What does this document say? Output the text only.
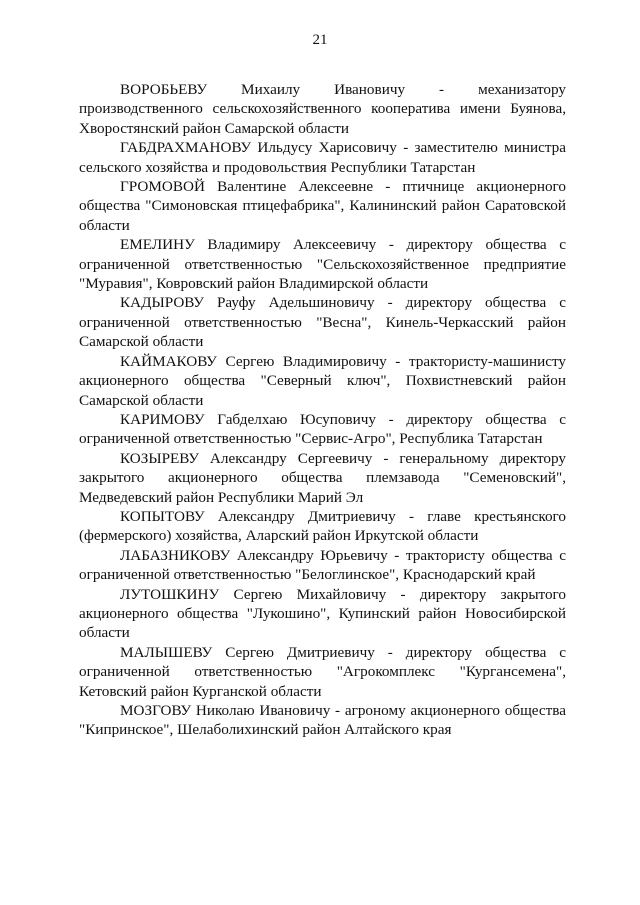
21

ВОРОБЬЕВУ Михаилу Ивановичу - механизатору производственного сельскохозяйственного кооператива имени Буянова, Хворостянский район Самарской области

ГАБДРАХМАНОВУ Ильдусу Харисовичу - заместителю министра сельского хозяйства и продовольствия Республики Татарстан

ГРОМОВОЙ Валентине Алексеевне - птичнице акционерного общества "Симоновская птицефабрика", Калининский район Саратовской области

ЕМЕЛИНУ Владимиру Алексеевичу - директору общества с ограниченной ответственностью "Сельскохозяйственное предприятие "Муравия", Ковровский район Владимирской области

КАДЫРОВУ Рауфу Адельшиновичу - директору общества с ограниченной ответственностью "Весна", Кинель-Черкасский район Самарской области

КАЙМАКОВУ Сергею Владимировичу - трактористу-машинисту акционерного общества "Северный ключ", Похвистневский район Самарской области

КАРИМОВУ Габделхаю Юсуповичу - директору общества с ограниченной ответственностью "Сервис-Агро", Республика Татарстан

КОЗЫРЕВУ Александру Сергеевичу - генеральному директору закрытого акционерного общества племзавода "Семеновский", Медведевский район Республики Марий Эл

КОПЫТОВУ Александру Дмитриевичу - главе крестьянского (фермерского) хозяйства, Аларский район Иркутской области

ЛАБАЗНИКОВУ Александру Юрьевичу - трактористу общества с ограниченной ответственностью "Белоглинское", Краснодарский край

ЛУТОШКИНУ Сергею Михайловичу - директору закрытого акционерного общества "Лукошино", Купинский район Новосибирской области

МАЛЫШЕВУ Сергею Дмитриевичу - директору общества с ограниченной ответственностью "Агрокомплекс "Кургансемена", Кетовский район Курганской области

МОЗГОВУ Николаю Ивановичу - агроному акционерного общества "Кипринское", Шелаболихинский район Алтайского края
